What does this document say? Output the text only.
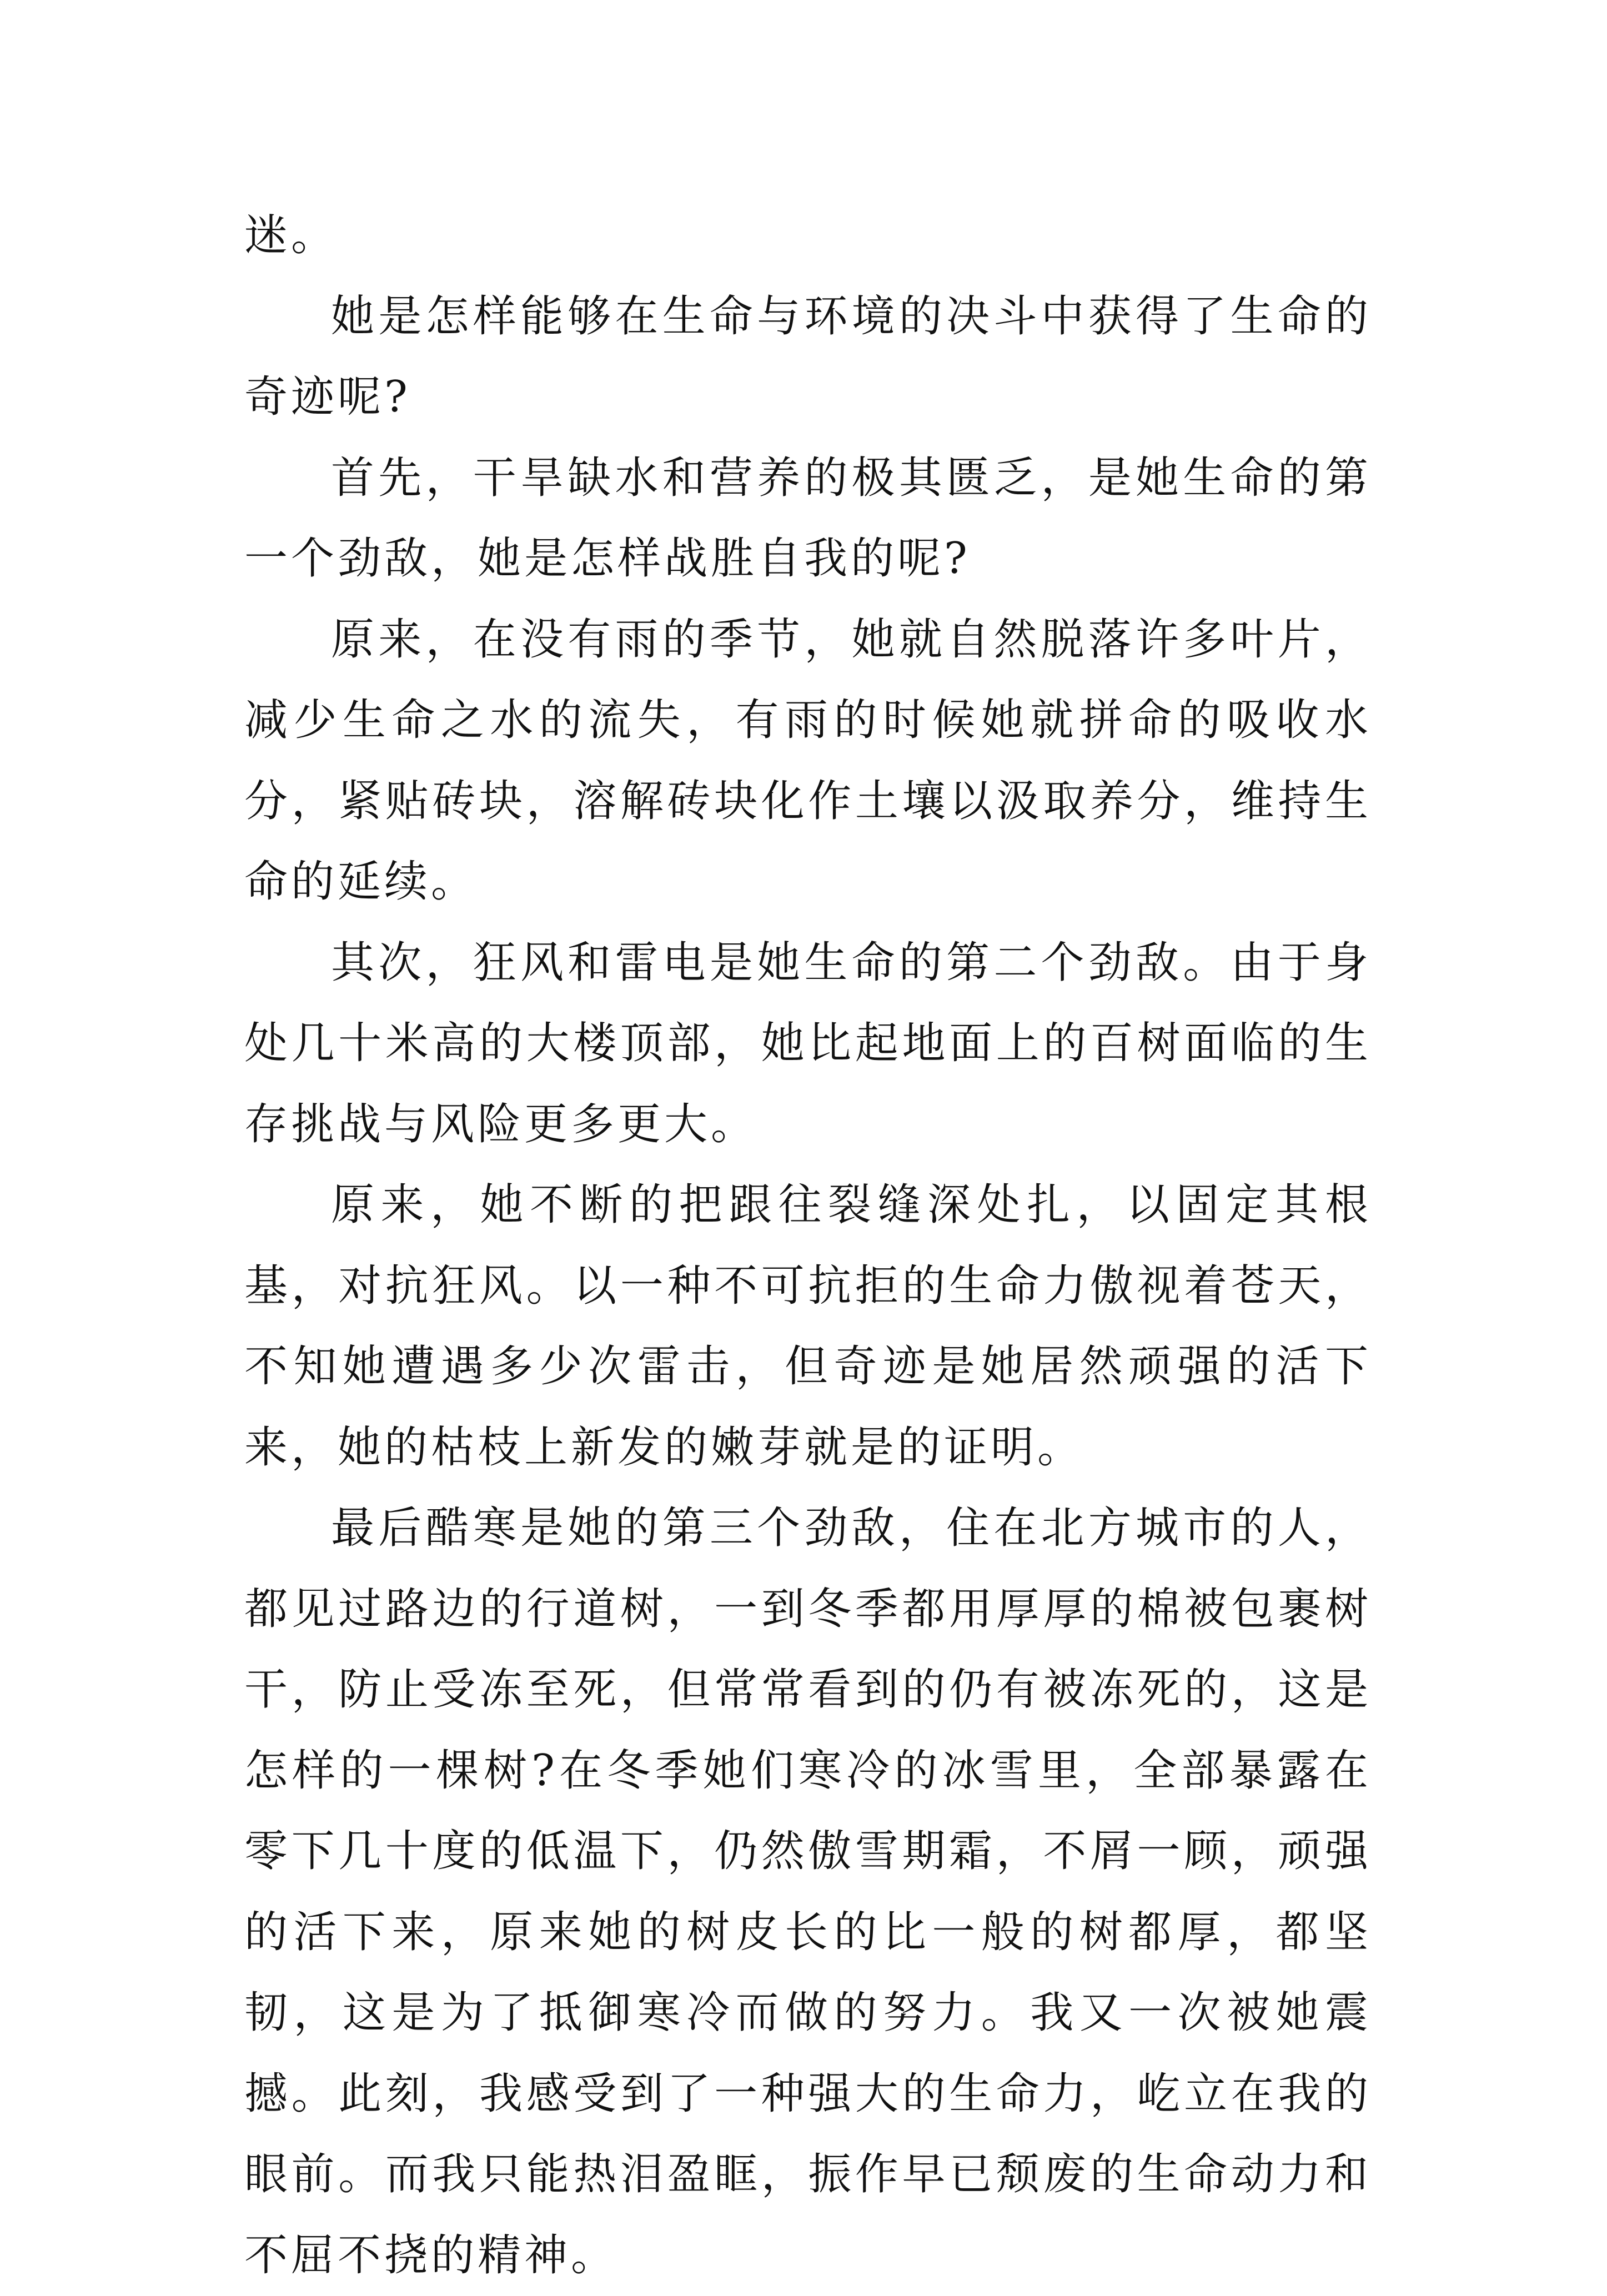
迷。

她是怎样能够在生命与环境的决斗中获得了生命的奇迹呢?

首先，干旱缺水和营养的极其匮乏，是她生命的第一个劲敌，她是怎样战胜自我的呢?

原来，在没有雨的季节，她就自然脱落许多叶片，减少生命之水的流失，有雨的时候她就拼命的吸收水分，紧贴砖块，溶解砖块化作土壤以汲取养分，维持生命的延续。

其次，狂风和雷电是她生命的第二个劲敌。由于身处几十米高的大楼顶部，她比起地面上的百树面临的生存挑战与风险更多更大。

原来，她不断的把跟往裂缝深处扎，以固定其根基，对抗狂风。以一种不可抗拒的生命力傲视着苍天，不知她遭遇多少次雷击，但奇迹是她居然顽强的活下来，她的枯枝上新发的嫩芽就是的证明。

最后酷寒是她的第三个劲敌，住在北方城市的人，都见过路边的行道树，一到冬季都用厚厚的棉被包裹树干，防止受冻至死，但常常看到的仍有被冻死的，这是怎样的一棵树?在冬季她们寒冷的冰雪里，全部暴露在零下几十度的低温下，仍然傲雪期霜，不屑一顾，顽强的活下来，原来她的树皮长的比一般的树都厚，都坚韧，这是为了抵御寒冷而做的努力。我又一次被她震撼。此刻，我感受到了一种强大的生命力，屹立在我的眼前。而我只能热泪盈眶，振作早已颓废的生命动力和不屈不挠的精神。
